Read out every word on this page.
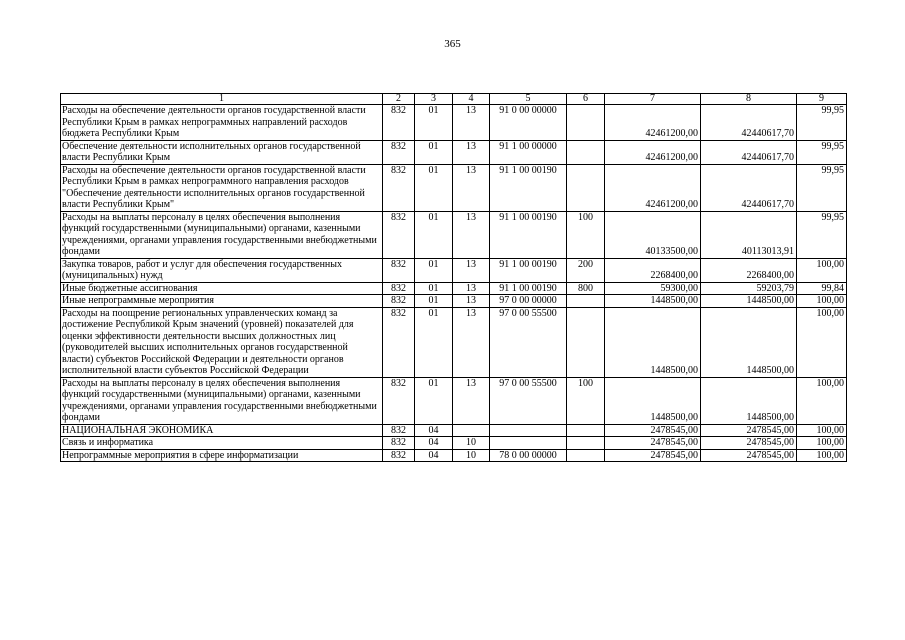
365
1	2	3	4	5	6	7	8	9
Расходы на обеспечение деятельности органов государственной власти Республики Крым в рамках непрограммных направлений расходов бюджета Республики Крым	832	01	13	91 0 00 00000		42461200,00	42440617,70	99,95
Обеспечение деятельности исполнительных органов государственной власти Республики Крым	832	01	13	91 1 00 00000		42461200,00	42440617,70	99,95
Расходы на обеспечение деятельности органов государственной власти Республики Крым в рамках непрограммного направления расходов "Обеспечение деятельности исполнительных органов государственной власти Республики Крым"	832	01	13	91 1 00 00190		42461200,00	42440617,70	99,95
Расходы на выплаты персоналу в целях обеспечения выполнения функций государственными (муниципальными) органами, казенными учреждениями, органами управления государственными внебюджетными фондами	832	01	13	91 1 00 00190	100	40133500,00	40113013,91	99,95
Закупка товаров, работ и услуг для обеспечения государственных (муниципальных) нужд	832	01	13	91 1 00 00190	200	2268400,00	2268400,00	100,00
Иные бюджетные ассигнования	832	01	13	91 1 00 00190	800	59300,00	59203,79	99,84
Иные непрограммные мероприятия	832	01	13	97 0 00 00000		1448500,00	1448500,00	100,00
Расходы на поощрение региональных управленческих команд за достижение Республикой Крым значений (уровней) показателей для оценки эффективности деятельности высших должностных лиц (руководителей высших исполнительных органов государственной власти) субъектов Российской Федерации и деятельности органов исполнительной власти субъектов Российской Федерации	832	01	13	97 0 00 55500		1448500,00	1448500,00	100,00
Расходы на выплаты персоналу в целях обеспечения выполнения функций государственными (муниципальными) органами, казенными учреждениями, органами управления государственными внебюджетными фондами	832	01	13	97 0 00 55500	100	1448500,00	1448500,00	100,00
НАЦИОНАЛЬНАЯ ЭКОНОМИКА	832	04				2478545,00	2478545,00	100,00
Связь и информатика	832	04	10			2478545,00	2478545,00	100,00
Непрограммные мероприятия в сфере информатизации	832	04	10	78 0 00 00000		2478545,00	2478545,00	100,00
